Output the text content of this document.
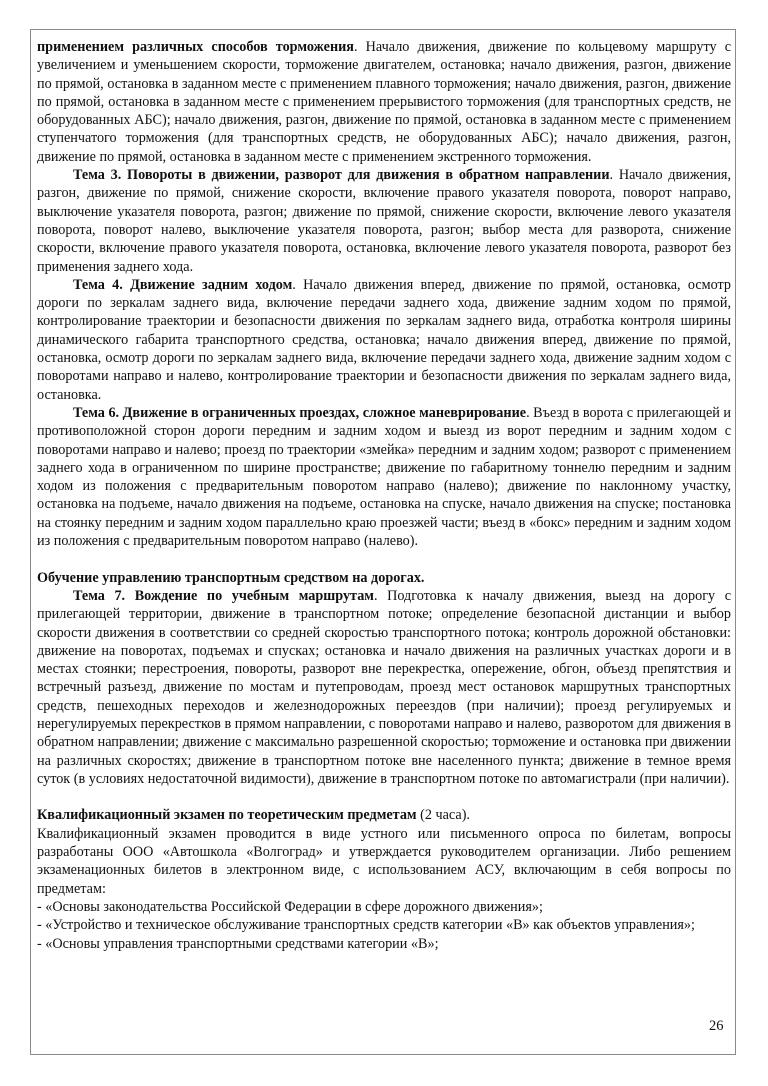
применением различных способов торможения. Начало движения, движение по кольцевому маршруту с увеличением и уменьшением скорости, торможение двигателем, остановка; начало движения, разгон, движение по прямой, остановка в заданном месте с применением плавного торможения; начало движения, разгон, движение по прямой, остановка в заданном месте с применением прерывистого торможения (для транспортных средств, не оборудованных АБС); начало движения, разгон, движение по прямой, остановка в заданном месте с применением ступенчатого торможения (для транспортных средств, не оборудованных АБС); начало движения, разгон, движение по прямой, остановка в заданном месте с применением экстренного торможения.

Тема 3. Повороты в движении, разворот для движения в обратном направлении. Начало движения, разгон, движение по прямой, снижение скорости, включение правого указателя поворота, поворот направо, выключение указателя поворота, разгон; движение по прямой, снижение скорости, включение левого указателя поворота, поворот налево, выключение указателя поворота, разгон; выбор места для разворота, снижение скорости, включение правого указателя поворота, остановка, включение левого указателя поворота, разворот без применения заднего хода.

Тема 4. Движение задним ходом. Начало движения вперед, движение по прямой, остановка, осмотр дороги по зеркалам заднего вида, включение передачи заднего хода, движение задним ходом по прямой, контролирование траектории и безопасности движения по зеркалам заднего вида, отработка контроля ширины динамического габарита транспортного средства, остановка; начало движения вперед, движение по прямой, остановка, осмотр дороги по зеркалам заднего вида, включение передачи заднего хода, движение задним ходом с поворотами направо и налево, контролирование траектории и безопасности движения по зеркалам заднего вида, остановка.

Тема 6. Движение в ограниченных проездах, сложное маневрирование. Въезд в ворота с прилегающей и противоположной сторон дороги передним и задним ходом и выезд из ворот передним и задним ходом с поворотами направо и налево; проезд по траектории «змейка» передним и задним ходом; разворот с применением заднего хода в ограниченном по ширине пространстве; движение по габаритному тоннелю передним и задним ходом из положения с предварительным поворотом направо (налево); движение по наклонному участку, остановка на подъеме, начало движения на подъеме, остановка на спуске, начало движения на спуске; постановка на стоянку передним и задним ходом параллельно краю проезжей части; въезд в «бокс» передним и задним ходом из положения с предварительным поворотом направо (налево).

Обучение управлению транспортным средством на дорогах.

Тема 7. Вождение по учебным маршрутам. Подготовка к началу движения, выезд на дорогу с прилегающей территории, движение в транспортном потоке; определение безопасной дистанции и выбор скорости движения в соответствии со средней скоростью транспортного потока; контроль дорожной обстановки: движение на поворотах, подъемах и спусках; остановка и начало движения на различных участках дороги и в местах стоянки; перестроения, повороты, разворот вне перекрестка, опережение, обгон, объезд препятствия и встречный разъезд, движение по мостам и путепроводам, проезд мест остановок маршрутных транспортных средств, пешеходных переходов и железнодорожных переездов (при наличии); проезд регулируемых и нерегулируемых перекрестков в прямом направлении, с поворотами направо и налево, разворотом для движения в обратном направлении; движение с максимально разрешенной скоростью; торможение и остановка при движении на различных скоростях; движение в транспортном потоке вне населенного пункта; движение в темное время суток (в условиях недостаточной видимости), движение в транспортном потоке по автомагистрали (при наличии).

Квалификационный экзамен по теоретическим предметам (2 часа).

Квалификационный экзамен проводится в виде устного или письменного опроса по билетам, вопросы разработаны ООО «Автошкола «Волгоград» и утверждается руководителем организации. Либо решением экзаменационных билетов в электронном виде, с использованием АСУ, включающим в себя вопросы по предметам:

- «Основы законодательства Российской Федерации в сфере дорожного движения»;

- «Устройство и техническое обслуживание транспортных средств категории «В» как объектов управления»;

- «Основы управления транспортными средствами категории «В»;

26
